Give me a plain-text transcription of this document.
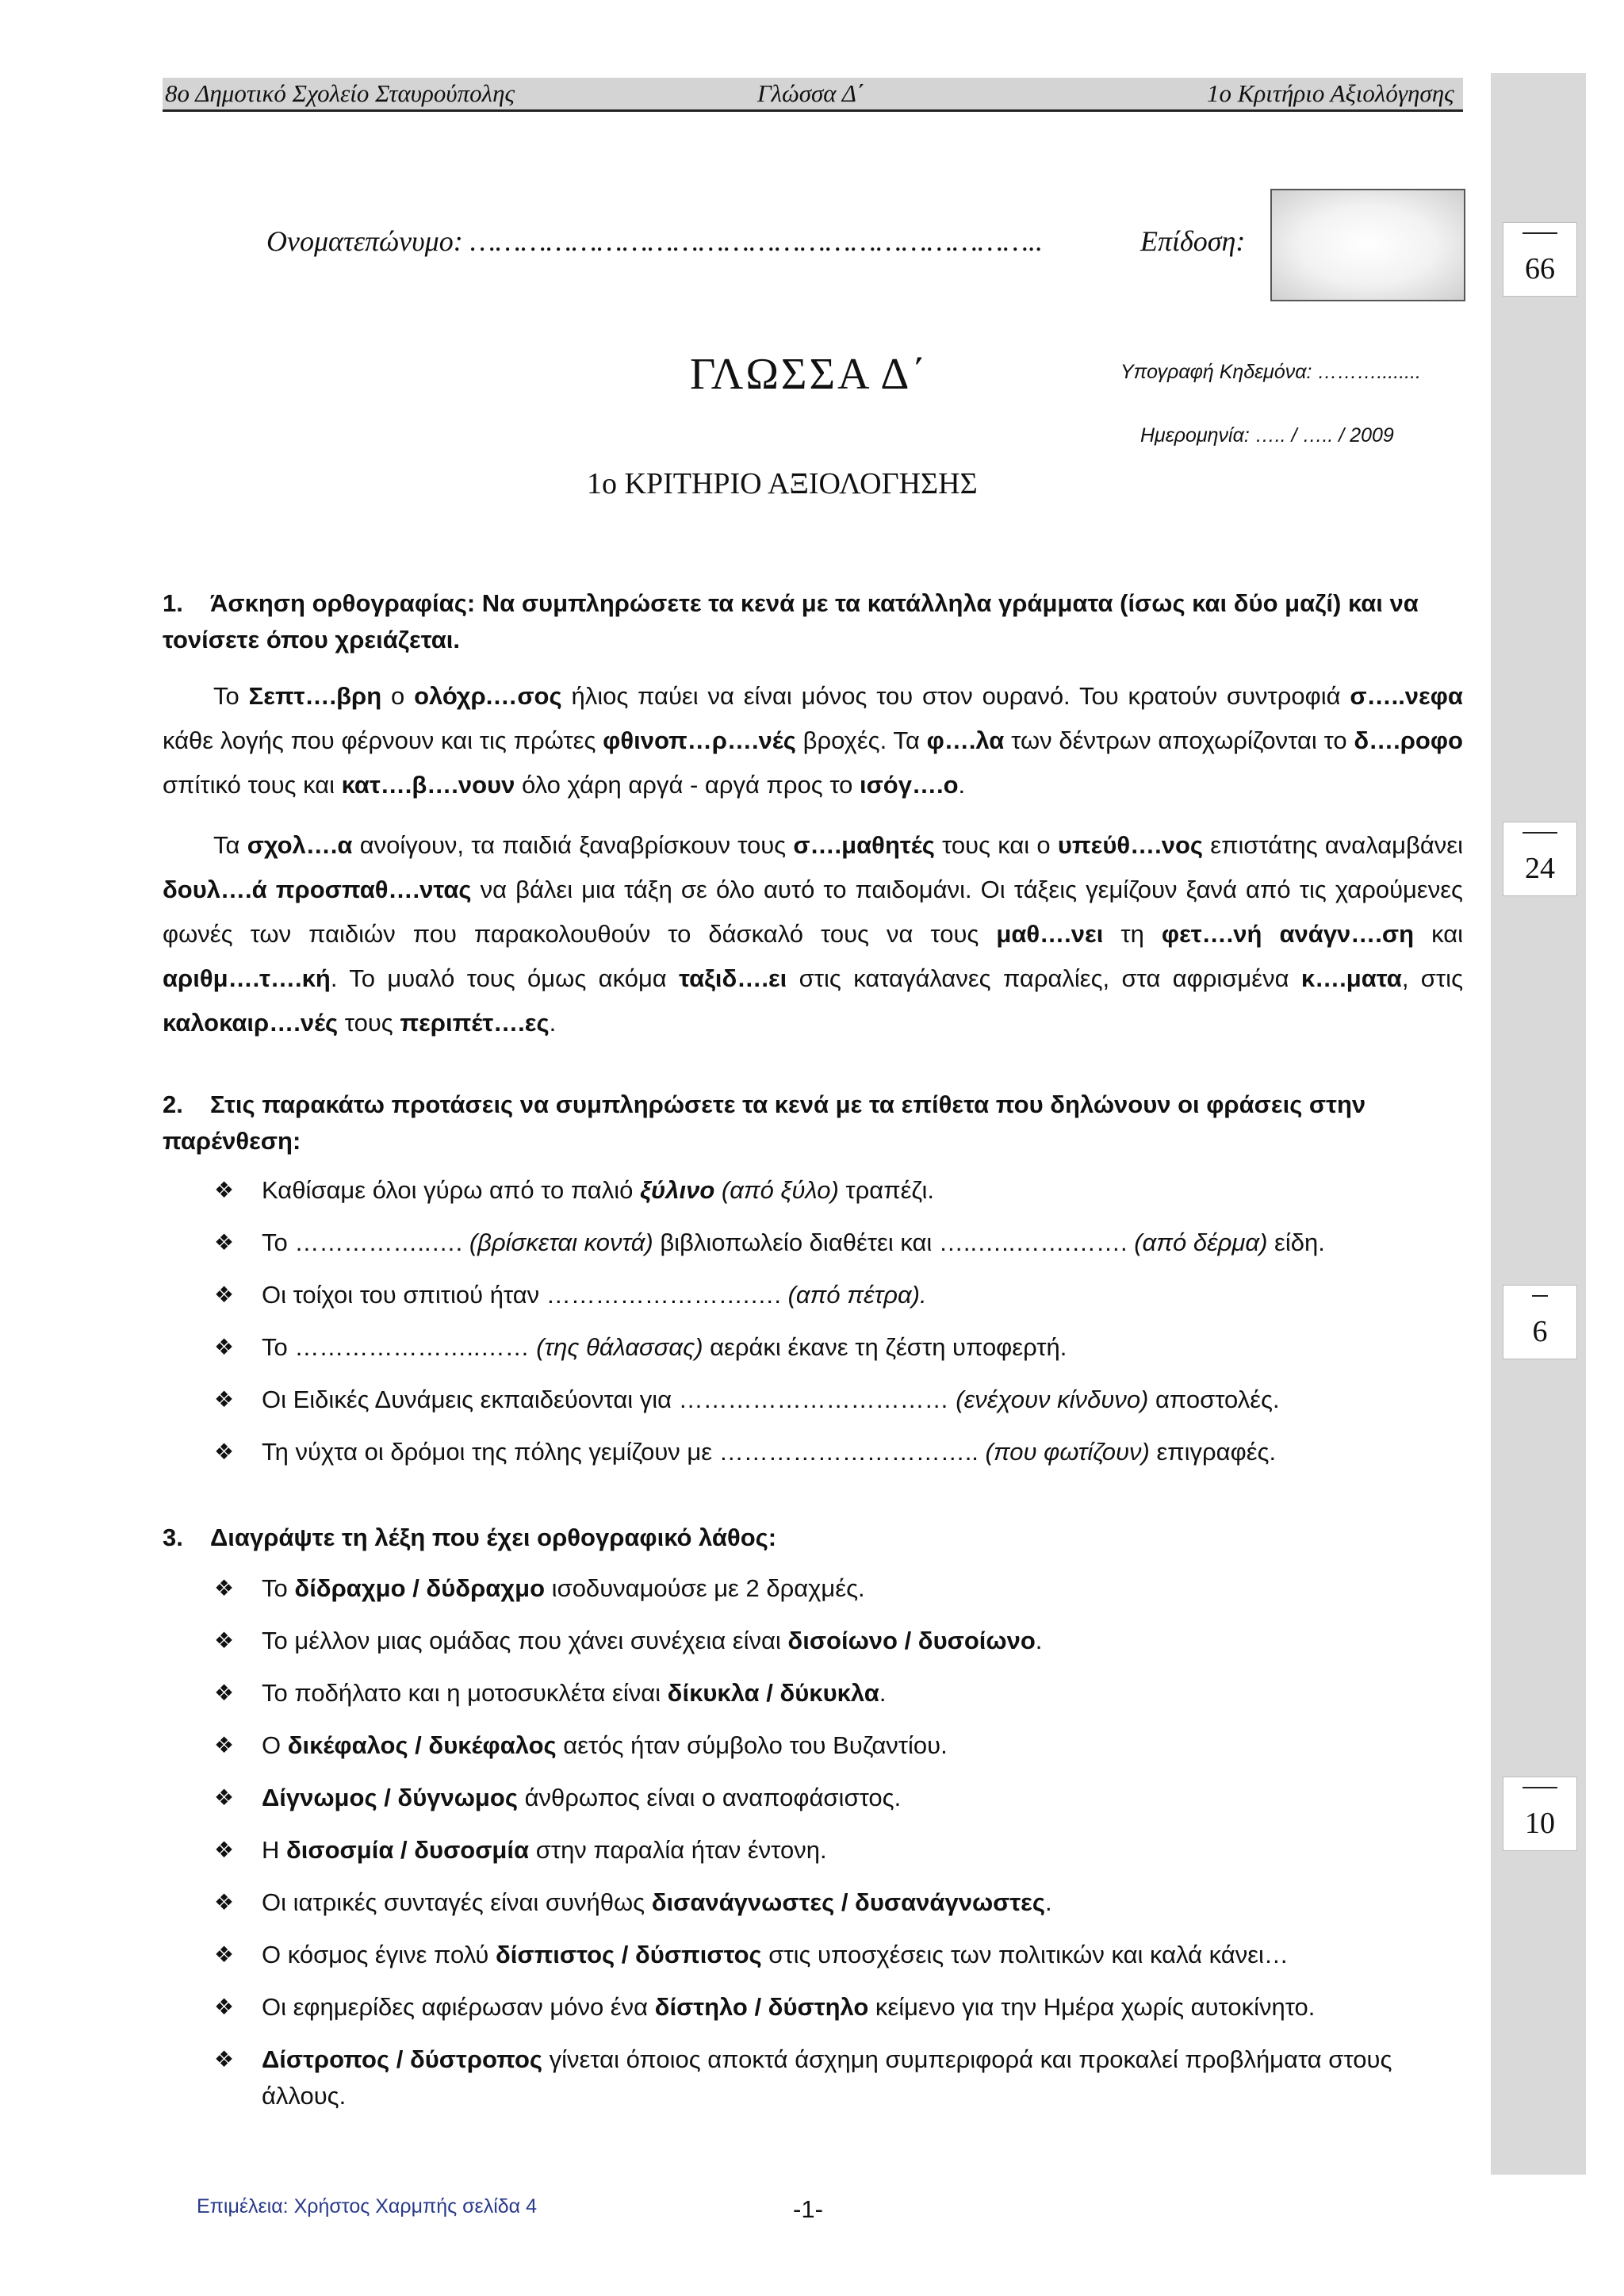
8ο Δημοτικό Σχολείο Σταυρούπολης	Γλώσσα Δ΄	1ο Κριτήριο Αξιολόγησης
66
24
6
10
Ονοματεπώνυμο: …………………………………………………………..	Επίδοση:
ΓΛΩΣΣΑ Δ΄	Υπογραφή Κηδεμόνα: ………........
Ημερομηνία: ….. / ….. / 2009
1ο ΚΡΙΤΗΡΙΟ ΑΞΙΟΛΟΓΗΣΗΣ
1. Άσκηση ορθογραφίας: Να συμπληρώσετε τα κενά με τα κατάλληλα γράμματα (ίσως και δύο μαζί) και να τονίσετε όπου χρειάζεται.
Το Σεπτ….βρη ο ολόχρ.…σος ήλιος παύει να είναι μόνος του στον ουρανό. Του κρατούν συντροφιά σ…..νεφα κάθε λογής που φέρνουν και τις πρώτες φθινοπ…ρ….νές βροχές. Τα φ….λα των δέντρων αποχωρίζονται το δ….ροφο σπίτικό τους και κατ….β….νουν όλο χάρη αργά - αργά προς το ισόγ….ο.
Τα σχολ….α ανοίγουν, τα παιδιά ξαναβρίσκουν τους σ….μαθητές τους και ο υπεύθ….νος επιστάτης αναλαμβάνει δουλ….ά προσπαθ….ντας να βάλει μια τάξη σε όλο αυτό το παιδομάνι. Οι τάξεις γεμίζουν ξανά από τις χαρούμενες φωνές των παιδιών που παρακολουθούν το δάσκαλό τους να τους μαθ….νει τη φετ….νή ανάγν….ση και αριθμ….τ….κή. Το μυαλό τους όμως ακόμα ταξιδ….ει στις καταγάλανες παραλίες, στα αφρισμένα κ….ματα, στις καλοκαιρ….νές τους περιπέτ….ες.
2. Στις παρακάτω προτάσεις να συμπληρώσετε τα κενά με τα επίθετα που δηλώνουν οι φράσεις στην παρένθεση:
❖ Καθίσαμε όλοι γύρω από το παλιό ξύλινο (από ξύλο) τραπέζι.
❖ Το ……………..…. (βρίσκεται κοντά) βιβλιοπωλείο διαθέτει και …..…..…….……. (από δέρμα) είδη.
❖ Οι τοίχοι του σπιτιού ήταν …………………….…. (από πέτρα).
❖ Το …………………..…… (της θάλασσας) αεράκι έκανε τη ζέστη υποφερτή.
❖ Οι Ειδικές Δυνάμεις εκπαιδεύονται για …………………………… (ενέχουν κίνδυνο) αποστολές.
❖ Τη νύχτα οι δρόμοι της πόλης γεμίζουν με ………………………….. (που φωτίζουν) επιγραφές.
3. Διαγράψτε τη λέξη που έχει ορθογραφικό λάθος:
❖ Το δίδραχμο / δύδραχμο ισοδυναμούσε με 2 δραχμές.
❖ Το μέλλον μιας ομάδας που χάνει συνέχεια είναι δισοίωνο / δυσοίωνο.
❖ Το ποδήλατο και η μοτοσυκλέτα είναι δίκυκλα / δύκυκλα.
❖ Ο δικέφαλος / δυκέφαλος αετός ήταν σύμβολο του Βυζαντίου.
❖ Δίγνωμος / δύγνωμος άνθρωπος είναι ο αναποφάσιστος.
❖ Η δισοσμία / δυσοσμία στην παραλία ήταν έντονη.
❖ Οι ιατρικές συνταγές είναι συνήθως δισανάγνωστες / δυσανάγνωστες.
❖ Ο κόσμος έγινε πολύ δίσπιστος / δύσπιστος στις υποσχέσεις των πολιτικών και καλά κάνει…
❖ Οι εφημερίδες αφιέρωσαν μόνο ένα δίστηλο / δύστηλο κείμενο για την Ημέρα χωρίς αυτοκίνητο.
❖ Δίστροπος / δύστροπος γίνεται όποιος αποκτά άσχημη συμπεριφορά και προκαλεί προβλήματα στους άλλους.
Επιμέλεια: Χρήστος Χαρμπής σελίδα 4	-1-
